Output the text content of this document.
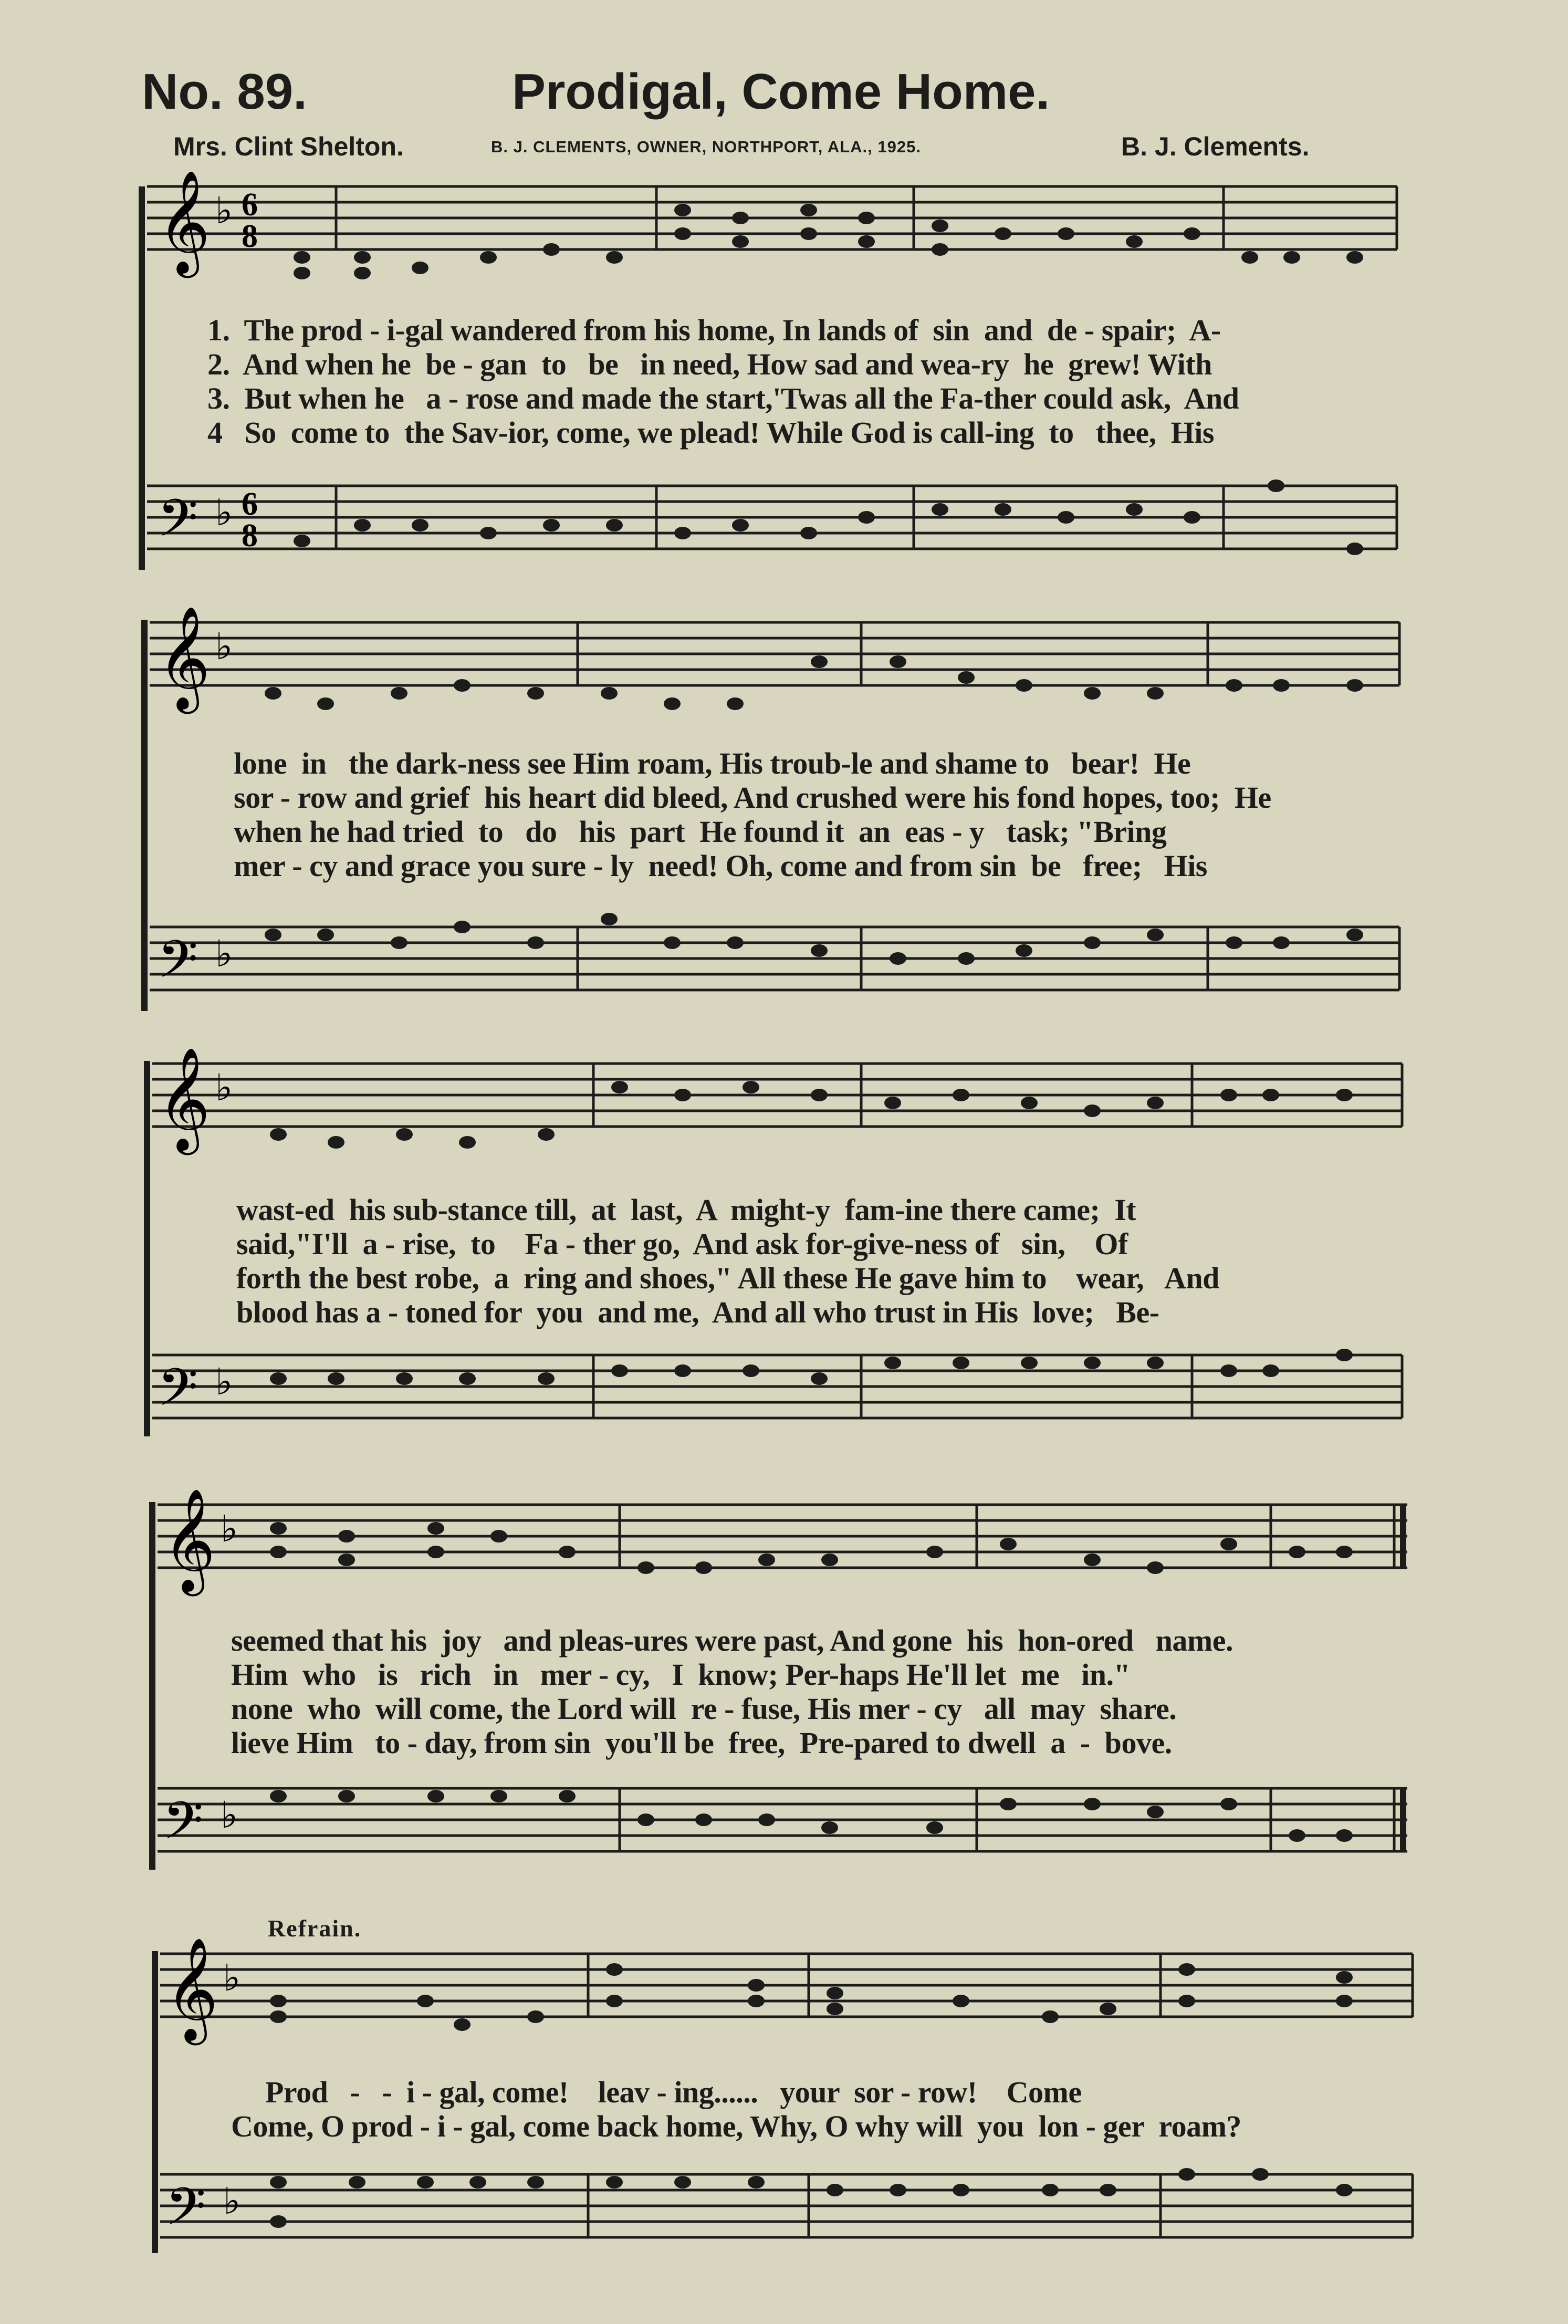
No. 89.	Prodigal, Come Home.
Mrs. Clint Shelton.	B. J. CLEMENTS, OWNER, NORTHPORT, ALA., 1925.	B. J. Clements.
𝄞
𝄢
♭
♭
6
8
6
8
1.  The prod - i-gal wandered from his home, In lands of  sin  and  de - spair;  A-
2.  And when he  be - gan  to   be   in need, How sad and wea-ry  he  grew! With
3.  But when he   a - rose and made the start,'Twas all the Fa-ther could ask,  And
4   So  come to  the Sav-ior, come, we plead! While God is call-ing  to   thee,  His
𝄞
𝄢
♭
♭
lone  in   the dark-ness see Him roam, His troub-le and shame to   bear!  He
sor - row and grief  his heart did bleed, And crushed were his fond hopes, too;  He
when he had tried  to   do   his  part  He found it  an  eas - y   task; "Bring
mer - cy and grace you sure - ly  need! Oh, come and from sin  be   free;   His
𝄞
𝄢
♭
♭
wast-ed  his sub-stance till,  at  last,  A  might-y  fam-ine there came;  It
said,"I'll  a - rise,  to    Fa - ther go,  And ask for-give-ness of   sin,    Of
forth the best robe,  a  ring and shoes," All these He gave him to    wear,   And
blood has a - toned for  you  and me,  And all who trust in His  love;   Be-
𝄞
𝄢
♭
♭
seemed that his  joy   and pleas-ures were past, And gone  his  hon-ored   name.
Him  who   is   rich   in   mer - cy,   I  know; Per-haps He'll let  me   in."
none  who  will come, the Lord will  re - fuse, His mer - cy   all  may  share.
lieve Him   to - day, from sin  you'll be  free,  Pre-pared to dwell  a  -  bove.
Refrain.
𝄞
𝄢
♭
♭
Prod   -   -  i - gal, come!    leav - ing......   your  sor - row!    Come
Come, O prod - i - gal, come back home, Why, O why will  you  lon - ger  roam?
